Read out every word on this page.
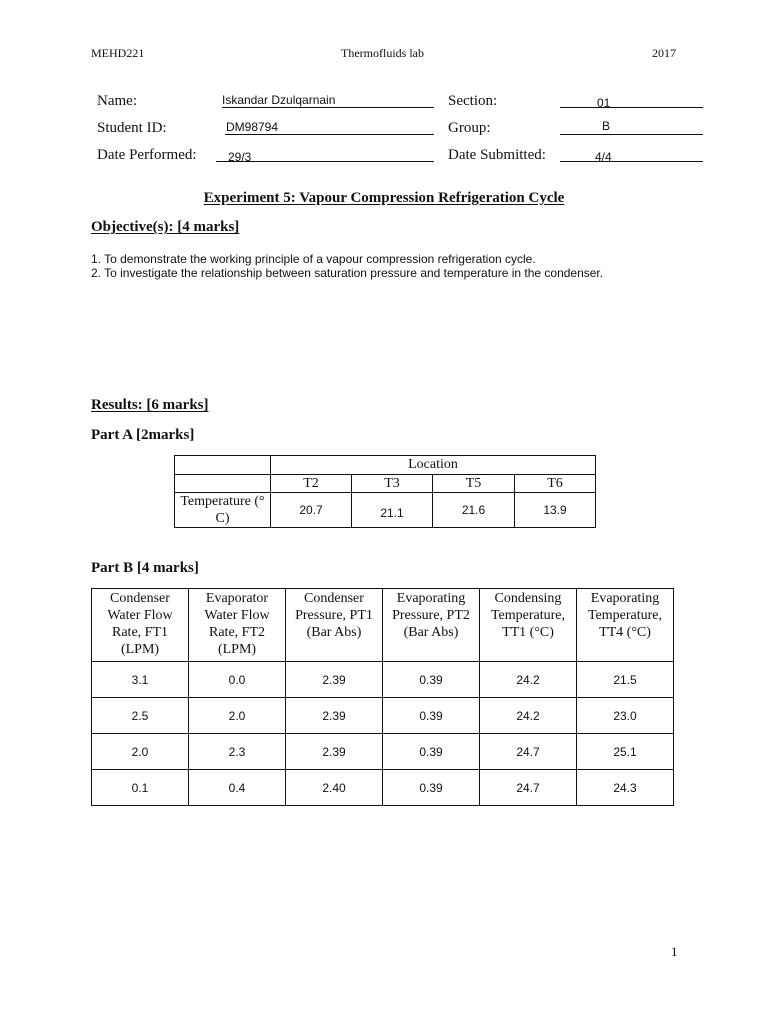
MEHD221	Thermofluids lab	2017
Name:	Iskandar Dzulqarnain
Student ID:	DM98794
Date Performed:	29/3
Section:	01
Group:	B
Date Submitted:	4/4
Experiment 5: Vapour Compression Refrigeration Cycle
Objective(s): [4 marks]
1. To demonstrate the working principle of a vapour compression refrigeration cycle.
2. To investigate the relationship between saturation pressure and temperature in the condenser.
Results: [6 marks]
Part A [2marks]
	Location			
	T2	T3	T5	T6
Temperature (° C)	20.7	21.1	21.6	13.9
Part B [4 marks]
Condenser Water Flow Rate, FT1 (LPM)	Evaporator Water Flow Rate, FT2 (LPM)	Condenser Pressure, PT1 (Bar Abs)	Evaporating Pressure, PT2 (Bar Abs)	Condensing Temperature, TT1 (°C)	Evaporating Temperature, TT4 (°C)
3.1	0.0	2.39	0.39	24.2	21.5
2.5	2.0	2.39	0.39	24.2	23.0
2.0	2.3	2.39	0.39	24.7	25.1
0.1	0.4	2.40	0.39	24.7	24.3
1
